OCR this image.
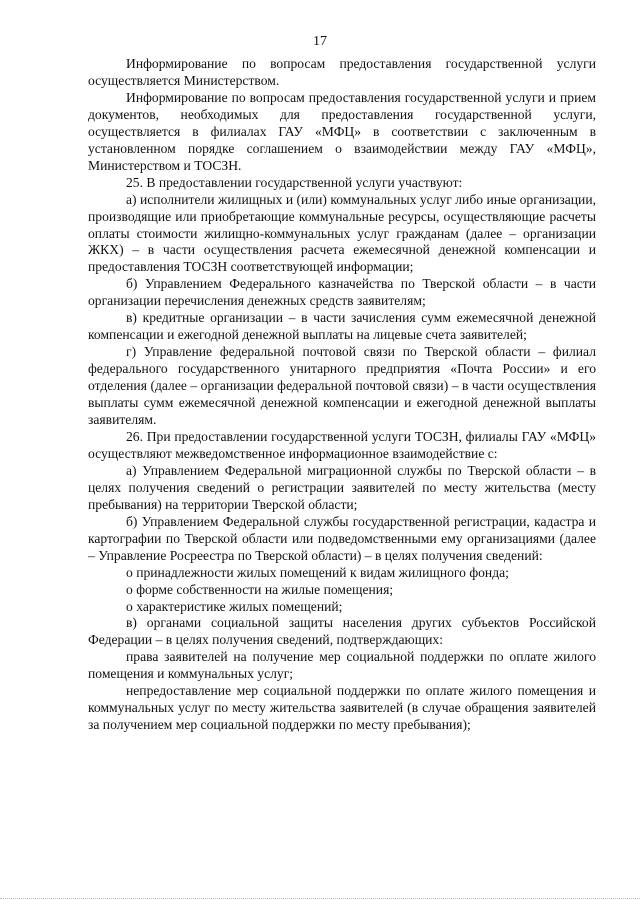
17

Информирование по вопросам предоставления государственной услуги осуществляется Министерством.

Информирование по вопросам предоставления государственной услуги и прием документов, необходимых для предоставления государственной услуги, осуществляется в филиалах ГАУ «МФЦ» в соответствии с заключенным в установленном порядке соглашением о взаимодействии между ГАУ «МФЦ», Министерством и ТОСЗН.

25. В предоставлении государственной услуги участвуют:

а) исполнители жилищных и (или) коммунальных услуг либо иные организации, производящие или приобретающие коммунальные ресурсы, осуществляющие расчеты оплаты стоимости жилищно-коммунальных услуг гражданам (далее – организации ЖКХ) – в части осуществления расчета ежемесячной денежной компенсации и предоставления ТОСЗН соответствующей информации;

б) Управлением Федерального казначейства по Тверской области – в части организации перечисления денежных средств заявителям;

в) кредитные организации – в части зачисления сумм ежемесячной денежной компенсации и ежегодной денежной выплаты на лицевые счета заявителей;

г) Управление федеральной почтовой связи по Тверской области – филиал федерального государственного унитарного предприятия «Почта России» и его отделения (далее – организации федеральной почтовой связи) – в части осуществления выплаты сумм ежемесячной денежной компенсации и ежегодной денежной выплаты заявителям.

26. При предоставлении государственной услуги ТОСЗН, филиалы ГАУ «МФЦ» осуществляют межведомственное информационное взаимодействие с:

а) Управлением Федеральной миграционной службы по Тверской области – в целях получения сведений о регистрации заявителей по месту жительства (месту пребывания) на территории Тверской области;

б) Управлением Федеральной службы государственной регистрации, кадастра и картографии по Тверской области или подведомственными ему организациями (далее – Управление Росреестра по Тверской области) – в целях получения сведений:

о принадлежности жилых помещений к видам жилищного фонда;

о форме собственности на жилые помещения;

о характеристике жилых помещений;

в) органами социальной защиты населения других субъектов Российской Федерации – в целях получения сведений, подтверждающих:

права заявителей на получение мер социальной поддержки по оплате жилого помещения и коммунальных услуг;

непредоставление мер социальной поддержки по оплате жилого помещения и коммунальных услуг по месту жительства заявителей (в случае обращения заявителей за получением мер социальной поддержки по месту пребывания);
